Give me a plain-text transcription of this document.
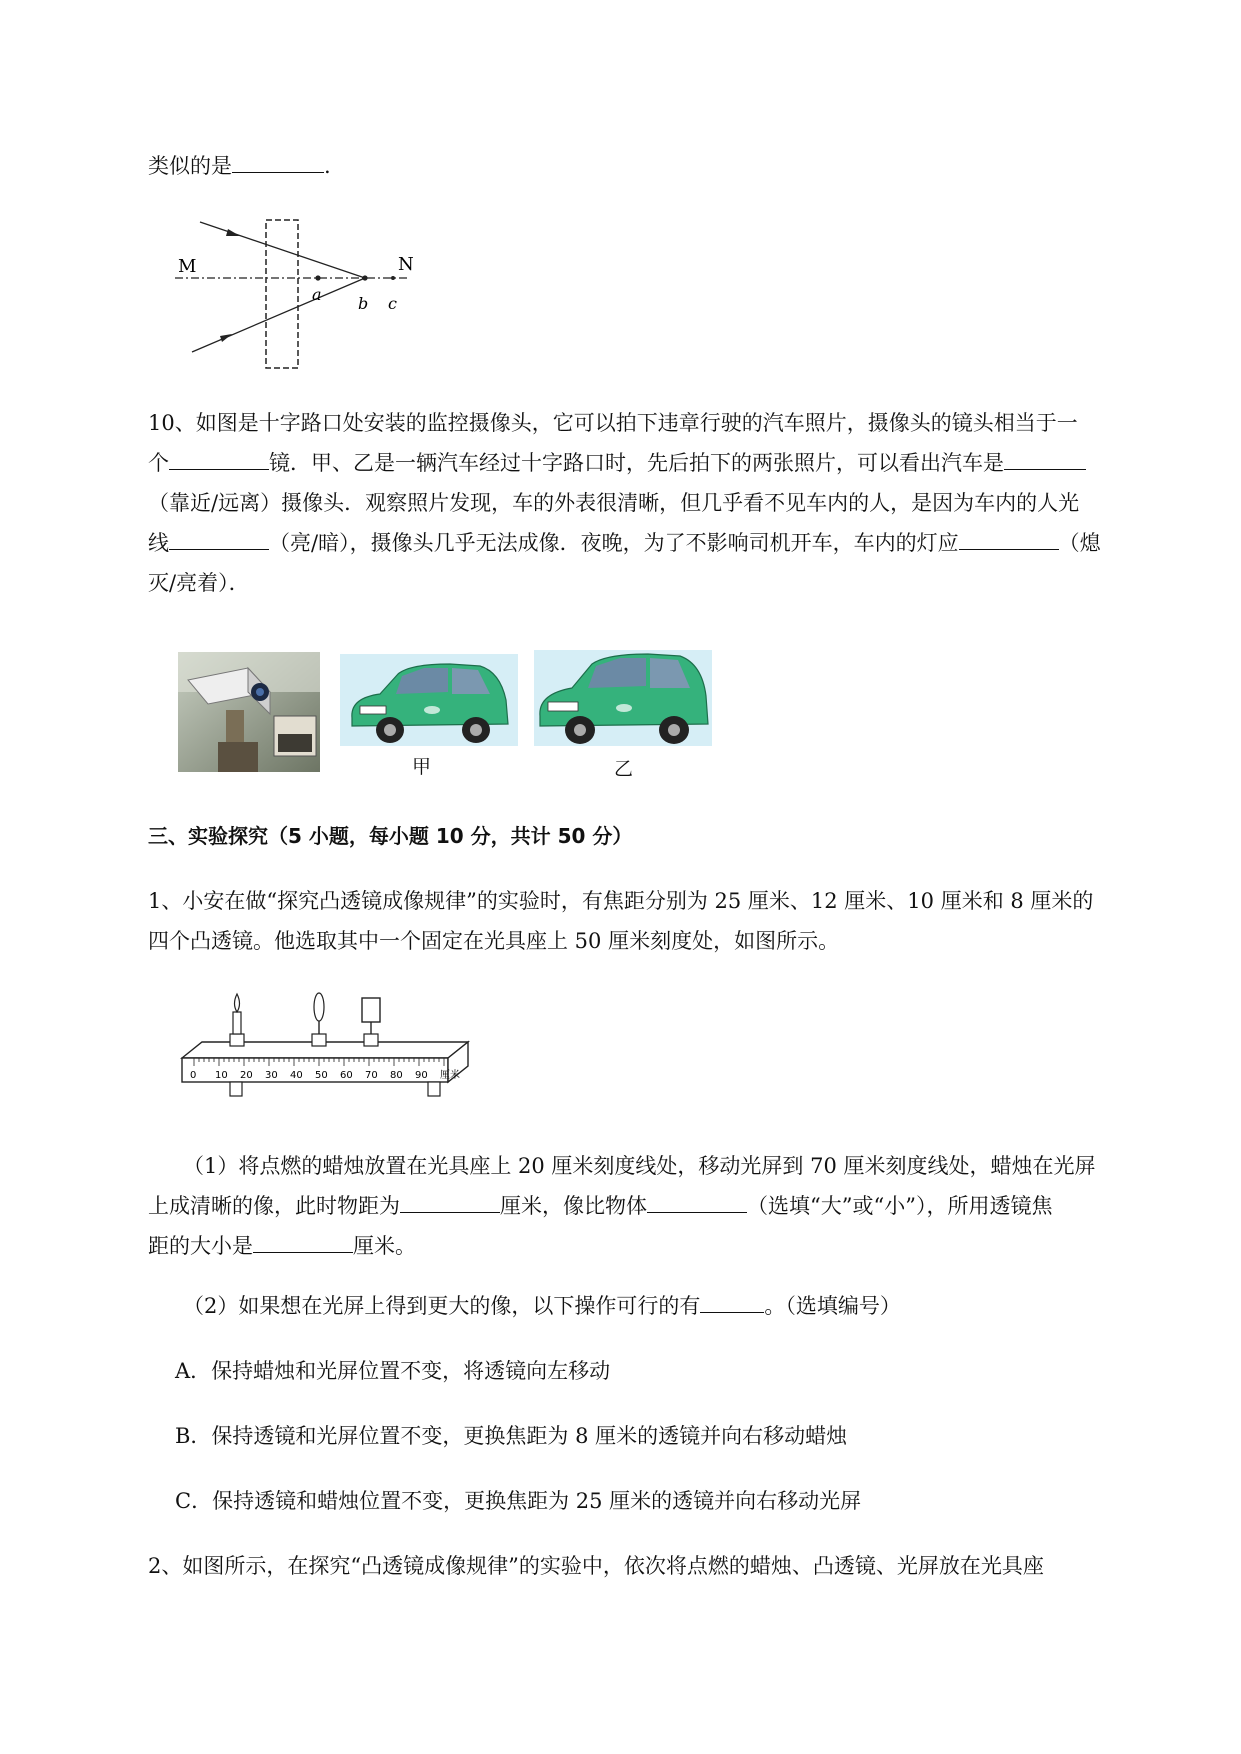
类似的是	.
M	N
a b c
10、如图是十字路口处安装的监控摄像头，它可以拍下违章行驶的汽车照片，摄像头的镜头相当于一
个	镜．甲、乙是一辆汽车经过十字路口时，先后拍下的两张照片，可以看出汽车是
（靠近/远离）摄像头．观察照片发现，车的外表很清晰，但几乎看不见车内的人，是因为车内的人光
线	（亮/暗），摄像头几乎无法成像．夜晚，为了不影响司机开车，车内的灯应	（熄
灭/亮着）．
甲	乙
三、实验探究（5 小题，每小题 10 分，共计 50 分）
1、小安在做“探究凸透镜成像规律”的实验时，有焦距分别为 25 厘米、12 厘米、10 厘米和 8 厘米的
四个凸透镜。他选取其中一个固定在光具座上 50 厘米刻度处，如图所示。
0 10 20 30 40 50 60 70 80 90 厘米
（1）将点燃的蜡烛放置在光具座上 20 厘米刻度线处，移动光屏到 70 厘米刻度线处，蜡烛在光屏
上成清晰的像，此时物距为	厘米，像比物体	（选填“大”或“小”），所用透镜焦
距的大小是	厘米。
（2）如果想在光屏上得到更大的像，以下操作可行的有	。（选填编号）
A．保持蜡烛和光屏位置不变，将透镜向左移动
B．保持透镜和光屏位置不变，更换焦距为 8 厘米的透镜并向右移动蜡烛
C．保持透镜和蜡烛位置不变，更换焦距为 25 厘米的透镜并向右移动光屏
2、如图所示，在探究“凸透镜成像规律”的实验中，依次将点燃的蜡烛、凸透镜、光屏放在光具座
